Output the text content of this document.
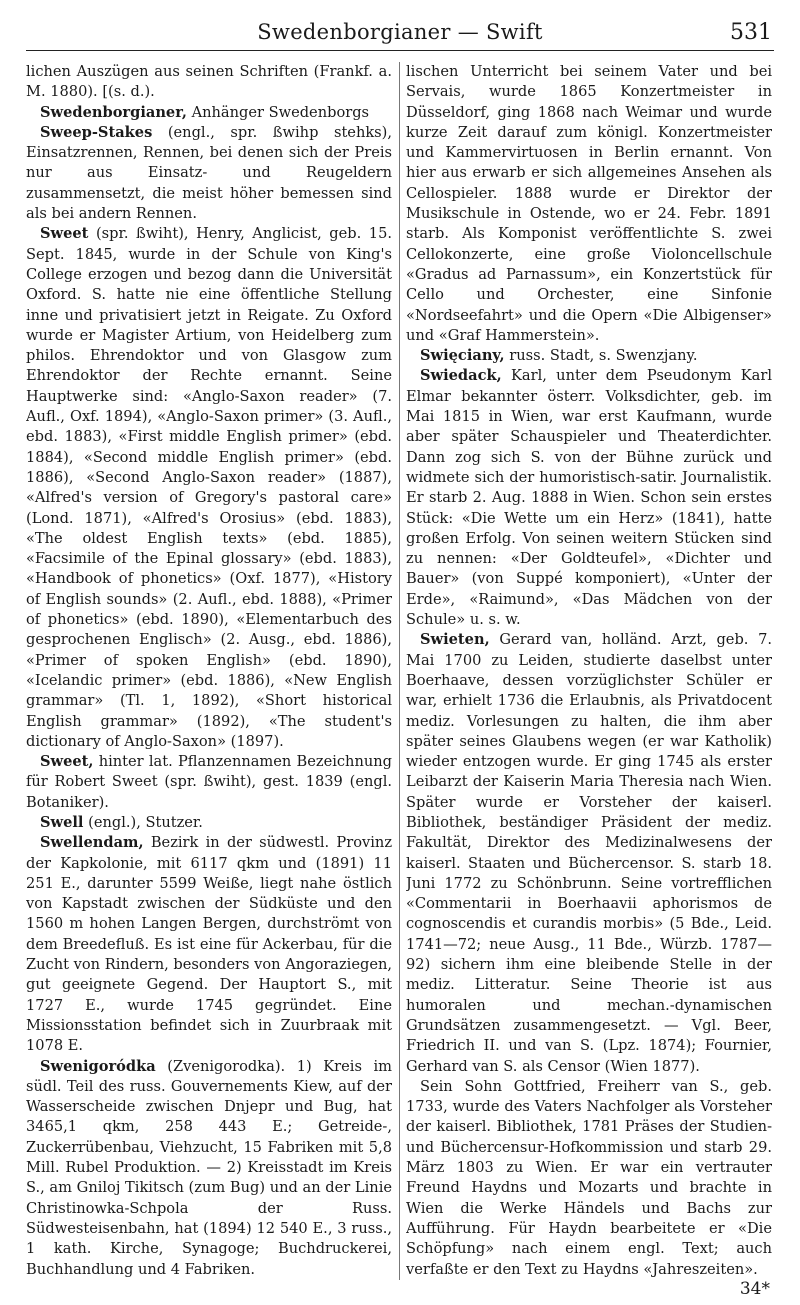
Swedenborgianer — Swift	531

lichen Auszügen aus seinen Schriften (Frankf. a. M. 1880). [(s. d.).

Swedenborgianer, Anhänger Swedenborgs

Sweep-Stakes (engl., spr. ßwihp stehks), Einsatzrennen, Rennen, bei denen sich der Preis nur aus Einsatz- und Reugeldern zusammensetzt, die meist höher bemessen sind als bei andern Rennen.

Sweet (spr. ßwiht), Henry, Anglicist, geb. 15. Sept. 1845, wurde in der Schule von King's College erzogen und bezog dann die Universität Oxford. S. hatte nie eine öffentliche Stellung inne und privatisiert jetzt in Reigate. Zu Oxford wurde er Magister Artium, von Heidelberg zum philos. Ehrendoktor und von Glasgow zum Ehrendoktor der Rechte ernannt. Seine Hauptwerke sind: «Anglo-Saxon reader» (7. Aufl., Oxf. 1894), «Anglo-Saxon primer» (3. Aufl., ebd. 1883), «First middle English primer» (ebd. 1884), «Second middle English primer» (ebd. 1886), «Second Anglo-Saxon reader» (1887), «Alfred's version of Gregory's pastoral care» (Lond. 1871), «Alfred's Orosius» (ebd. 1883), «The oldest English texts» (ebd. 1885), «Facsimile of the Epinal glossary» (ebd. 1883), «Handbook of phonetics» (Oxf. 1877), «History of English sounds» (2. Aufl., ebd. 1888), «Primer of phonetics» (ebd. 1890), «Elementarbuch des gesprochenen Englisch» (2. Ausg., ebd. 1886), «Primer of spoken English» (ebd. 1890), «Icelandic primer» (ebd. 1886), «New English grammar» (Tl. 1, 1892), «Short historical English grammar» (1892), «The student's dictionary of Anglo-Saxon» (1897).

Sweet, hinter lat. Pflanzennamen Bezeichnung für Robert Sweet (spr. ßwiht), gest. 1839 (engl. Botaniker).

Swell (engl.), Stutzer.

Swellendam, Bezirk in der südwestl. Provinz der Kapkolonie, mit 6117 qkm und (1891) 11 251 E., darunter 5599 Weiße, liegt nahe östlich von Kapstadt zwischen der Südküste und den 1560 m hohen Langen Bergen, durchströmt von dem Breedefluß. Es ist eine für Ackerbau, für die Zucht von Rindern, besonders von Angoraziegen, gut geeignete Gegend. Der Hauptort S., mit 1727 E., wurde 1745 gegründet. Eine Missionsstation befindet sich in Zuurbraak mit 1078 E.

Swenigoródka (Zvenigorodka). 1) Kreis im südl. Teil des russ. Gouvernements Kiew, auf der Wasserscheide zwischen Dnjepr und Bug, hat 3465,1 qkm, 258 443 E.; Getreide-, Zuckerrübenbau, Viehzucht, 15 Fabriken mit 5,8 Mill. Rubel Produktion. — 2) Kreisstadt im Kreis S., am Gniloj Tikitsch (zum Bug) und an der Linie Christinowka-Schpola der Russ. Südwesteisenbahn, hat (1894) 12 540 E., 3 russ., 1 kath. Kirche, Synagoge; Buchdruckerei, Buchhandlung und 4 Fabriken.

lischen Unterricht bei seinem Vater und bei Servais, wurde 1865 Konzertmeister in Düsseldorf, ging 1868 nach Weimar und wurde kurze Zeit darauf zum königl. Konzertmeister und Kammervirtuosen in Berlin ernannt. Von hier aus erwarb er sich allgemeines Ansehen als Cellospieler. 1888 wurde er Direktor der Musikschule in Ostende, wo er 24. Febr. 1891 starb. Als Komponist veröffentlichte S. zwei Cellokonzerte, eine große Violoncellschule «Gradus ad Parnassum», ein Konzertstück für Cello und Orchester, eine Sinfonie «Nordseefahrt» und die Opern «Die Albigenser» und «Graf Hammerstein».

Swięciany, russ. Stadt, s. Swenzjany.

Swiedack, Karl, unter dem Pseudonym Karl Elmar bekannter österr. Volksdichter, geb. im Mai 1815 in Wien, war erst Kaufmann, wurde aber später Schauspieler und Theaterdichter. Dann zog sich S. von der Bühne zurück und widmete sich der humoristisch-satir. Journalistik. Er starb 2. Aug. 1888 in Wien. Schon sein erstes Stück: «Die Wette um ein Herz» (1841), hatte großen Erfolg. Von seinen weitern Stücken sind zu nennen: «Der Goldteufel», «Dichter und Bauer» (von Suppé komponiert), «Unter der Erde», «Raimund», «Das Mädchen von der Schule» u. s. w.

Swieten, Gerard van, holländ. Arzt, geb. 7. Mai 1700 zu Leiden, studierte daselbst unter Boerhaave, dessen vorzüglichster Schüler er war, erhielt 1736 die Erlaubnis, als Privatdocent mediz. Vorlesungen zu halten, die ihm aber später seines Glaubens wegen (er war Katholik) wieder entzogen wurde. Er ging 1745 als erster Leibarzt der Kaiserin Maria Theresia nach Wien. Später wurde er Vorsteher der kaiserl. Bibliothek, beständiger Präsident der mediz. Fakultät, Direktor des Medizinalwesens der kaiserl. Staaten und Büchercensor. S. starb 18. Juni 1772 zu Schönbrunn. Seine vortrefflichen «Commentarii in Boerhaavii aphorismos de cognoscendis et curandis morbis» (5 Bde., Leid. 1741—72; neue Ausg., 11 Bde., Würzb. 1787—92) sichern ihm eine bleibende Stelle in der mediz. Litteratur. Seine Theorie ist aus humoralen und mechan.-dynamischen Grundsätzen zusammengesetzt. — Vgl. Beer, Friedrich II. und van S. (Lpz. 1874); Fournier, Gerhard van S. als Censor (Wien 1877).

Sein Sohn Gottfried, Freiherr van S., geb. 1733, wurde des Vaters Nachfolger als Vorsteher der kaiserl. Bibliothek, 1781 Präses der Studien- und Büchercensur-Hofkommission und starb 29. März 1803 zu Wien. Er war ein vertrauter Freund Haydns und Mozarts und brachte in Wien die Werke Händels und Bachs zur Aufführung. Für Haydn bearbeitete er «Die Schöpfung» nach einem engl. Text; auch verfaßte er den Text zu Haydns «Jahreszeiten».

34*
